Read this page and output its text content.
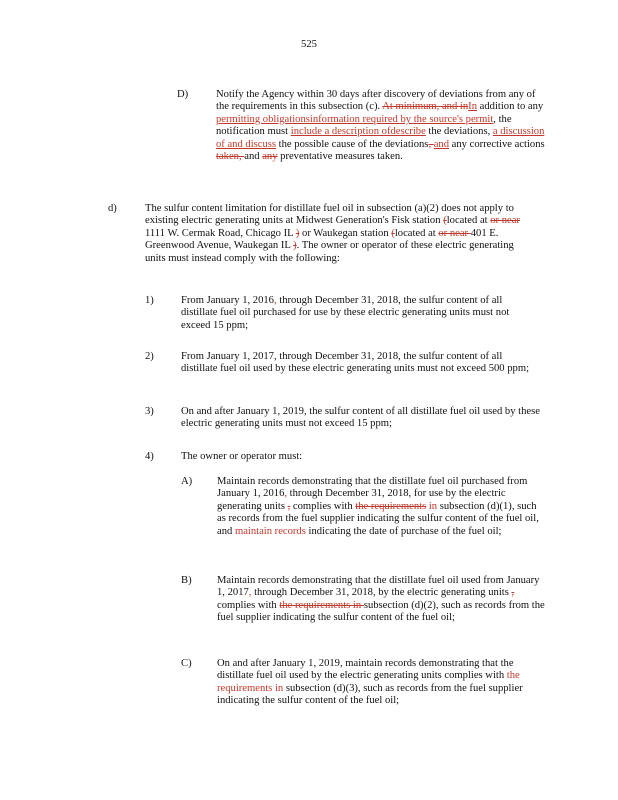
525
D)	Notify the Agency within 30 days after discovery of deviations from any of the requirements in this subsection (c). At minimum, and inIn addition to any permitting obligationsinformation required by the source's permit, the notification must include a description ofdescribe the deviations, a discussion of and discuss the possible cause of the deviations, and any corrective actions taken, and any preventative measures taken.
d)	The sulfur content limitation for distillate fuel oil in subsection (a)(2) does not apply to existing electric generating units at Midwest Generation's Fisk station (located at or near 1111 W. Cermak Road, Chicago IL ) or Waukegan station (located at or near 401 E. Greenwood Avenue, Waukegan IL ). The owner or operator of these electric generating units must instead comply with the following:
1)	From January 1, 2016, through December 31, 2018, the sulfur content of all distillate fuel oil purchased for use by these electric generating units must not exceed 15 ppm;
2)	From January 1, 2017, through December 31, 2018, the sulfur content of all distillate fuel oil used by these electric generating units must not exceed 500 ppm;
3)	On and after January 1, 2019, the sulfur content of all distillate fuel oil used by these electric generating units must not exceed 15 ppm;
4)	The owner or operator must:
A) Maintain records demonstrating that the distillate fuel oil purchased from January 1, 2016, through December 31, 2018, for use by the electric generating units , complies with the requirements in subsection (d)(1), such as records from the fuel supplier indicating the sulfur content of the fuel oil, and maintain records indicating the date of purchase of the fuel oil;
B) Maintain records demonstrating that the distillate fuel oil used from January 1, 2017, through December 31, 2018, by the electric generating units , complies with the requirements in subsection (d)(2), such as records from the fuel supplier indicating the sulfur content of the fuel oil;
C) On and after January 1, 2019, maintain records demonstrating that the distillate fuel oil used by the electric generating units complies with the requirements in subsection (d)(3), such as records from the fuel supplier indicating the sulfur content of the fuel oil;
